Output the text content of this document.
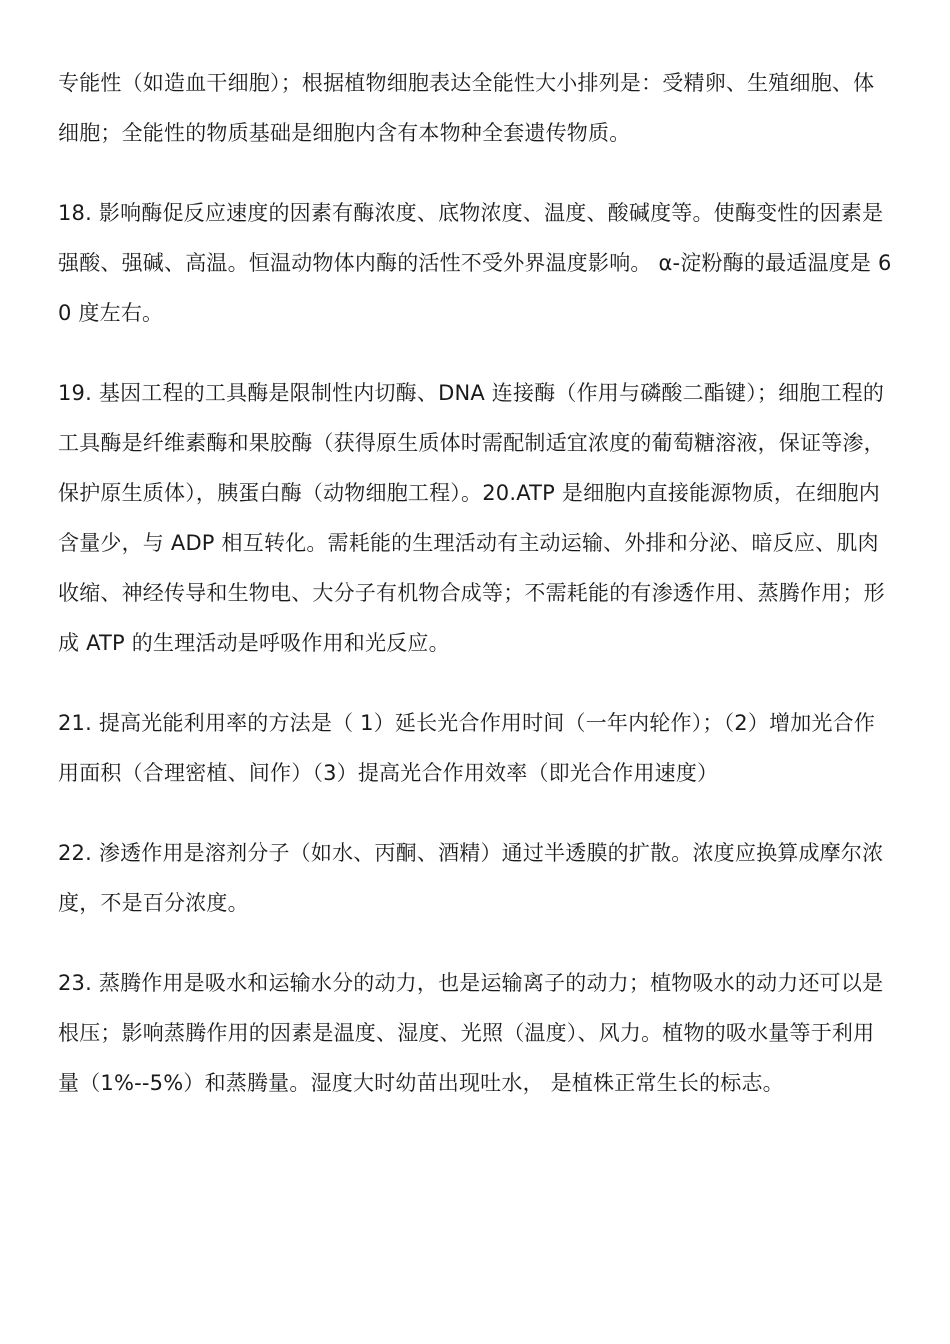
专能性（如造血干细胞）；根据植物细胞表达全能性大小排列是：受精卵、生殖细胞、体细胞；全能性的物质基础是细胞内含有本物种全套遗传物质。

18. 影响酶促反应速度的因素有酶浓度、底物浓度、温度、酸碱度等。使酶变性的因素是强酸、强碱、高温。恒温动物体内酶的活性不受外界温度影响。 α-淀粉酶的最适温度是 60 度左右。

19. 基因工程的工具酶是限制性内切酶、DNA 连接酶（作用与磷酸二酯键）；细胞工程的工具酶是纤维素酶和果胶酶（获得原生质体时需配制适宜浓度的葡萄糖溶液，保证等渗，保护原生质体），胰蛋白酶（动物细胞工程）。20.ATP 是细胞内直接能源物质，在细胞内含量少，与 ADP 相互转化。需耗能的生理活动有主动运输、外排和分泌、暗反应、肌肉收缩、神经传导和生物电、大分子有机物合成等；不需耗能的有渗透作用、蒸腾作用；形成 ATP 的生理活动是呼吸作用和光反应。

21. 提高光能利用率的方法是（ 1）延长光合作用时间（一年内轮作）；（2）增加光合作用面积（合理密植、间作）（3）提高光合作用效率（即光合作用速度）

22. 渗透作用是溶剂分子（如水、丙酮、酒精）通过半透膜的扩散。浓度应换算成摩尔浓度，不是百分浓度。

23. 蒸腾作用是吸水和运输水分的动力，也是运输离子的动力；植物吸水的动力还可以是根压；影响蒸腾作用的因素是温度、湿度、光照（温度）、风力。植物的吸水量等于利用量（1%--5%）和蒸腾量。湿度大时幼苗出现吐水， 是植株正常生长的标志。
